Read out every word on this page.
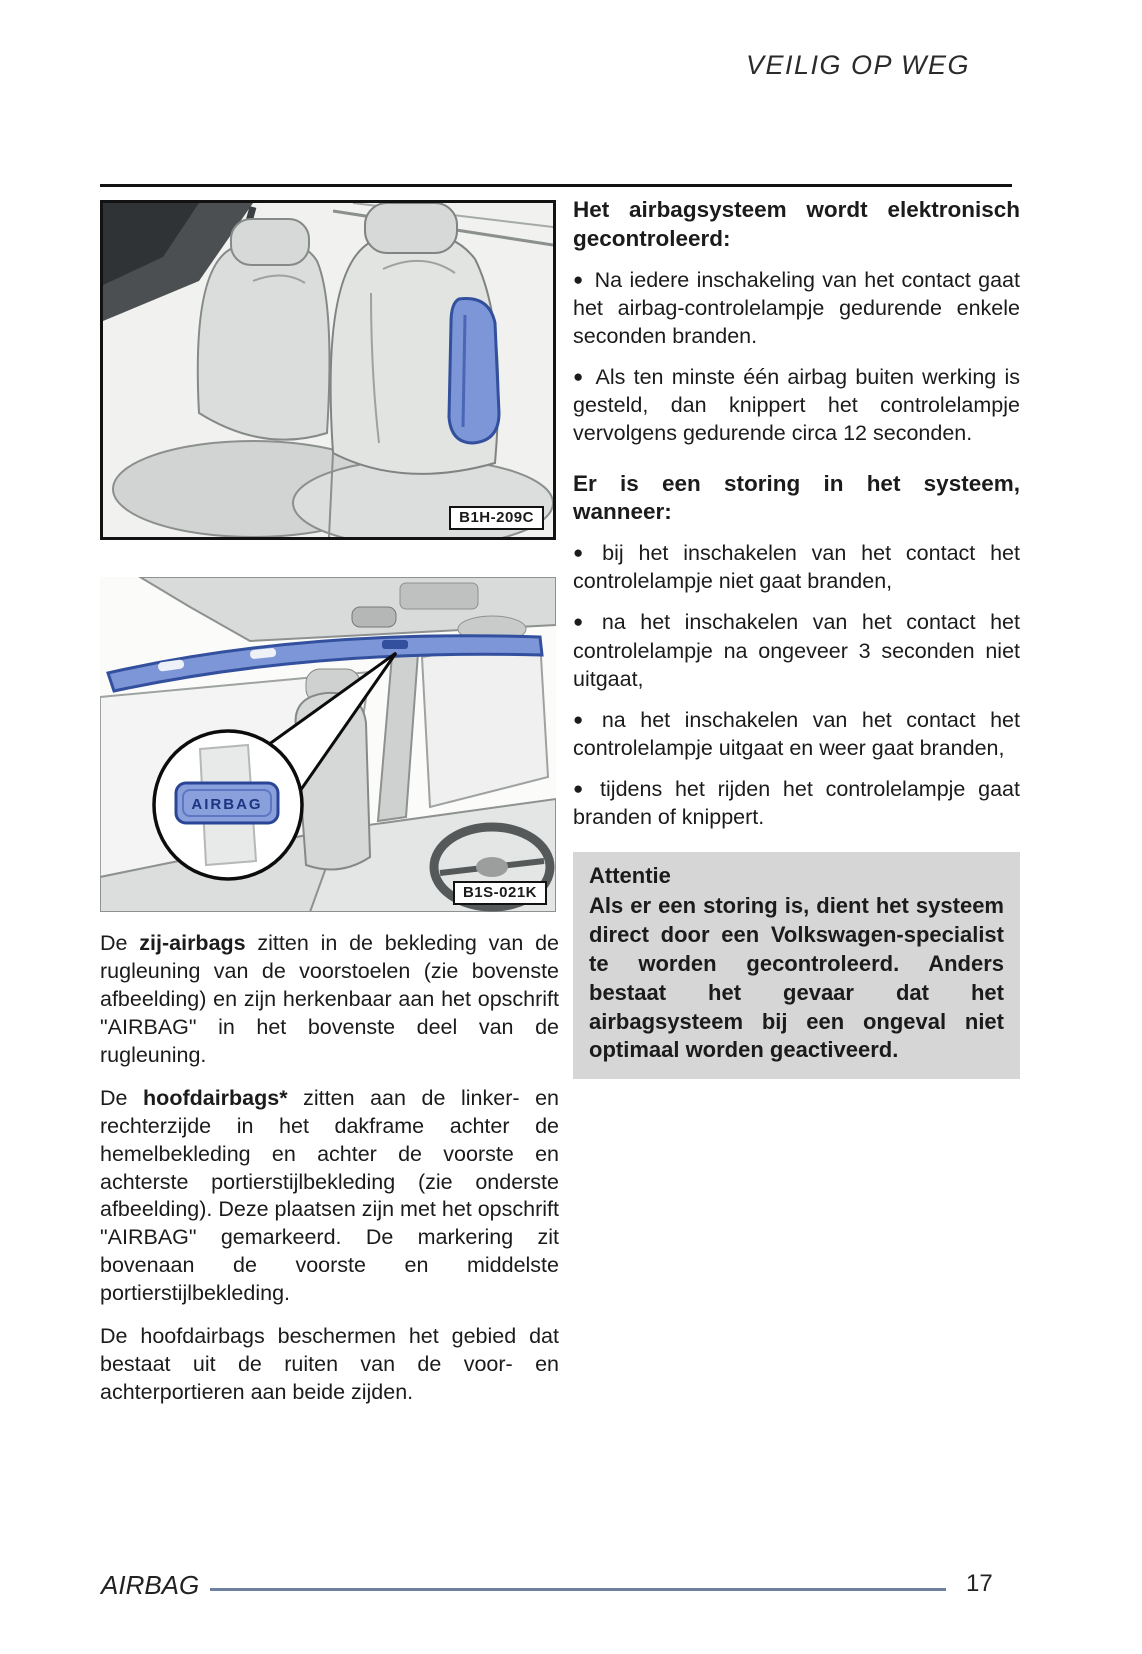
VEILIG OP WEG
B1H-209C
AIRBAG
B1S-021K

De zij-airbags zitten in de bekleding van de rugleuning van de voorstoelen (zie bovenste afbeelding) en zijn herkenbaar aan het opschrift "AIRBAG" in het bovenste deel van de rugleuning.

De hoofdairbags* zitten aan de linker- en rechterzijde in het dakframe achter de hemelbekleding en achter de voorste en achterste portierstijlbekleding (zie onderste afbeelding). Deze plaatsen zijn met het opschrift "AIRBAG" gemarkeerd. De markering zit bovenaan de voorste en middelste portierstijlbekleding.

De hoofdairbags beschermen het gebied dat bestaat uit de ruiten van de voor- en achterportieren aan beide zijden.

Het airbagsysteem wordt elektronisch gecontroleerd:

● Na iedere inschakeling van het contact gaat het airbag-controlelampje gedurende enkele seconden branden.

● Als ten minste één airbag buiten werking is gesteld, dan knippert het controlelampje vervolgens gedurende circa 12 seconden.

Er is een storing in het systeem, wanneer:

● bij het inschakelen van het contact het controlelampje niet gaat branden,

● na het inschakelen van het contact het controlelampje na ongeveer 3 seconden niet uitgaat,

● na het inschakelen van het contact het controlelampje uitgaat en weer gaat branden,

● tijdens het rijden het controlelampje gaat branden of knippert.

Attentie
Als er een storing is, dient het systeem direct door een Volkswagen-specialist te worden gecontroleerd. Anders bestaat het gevaar dat het airbagsysteem bij een ongeval niet optimaal worden geactiveerd.
AIRBAG	17
